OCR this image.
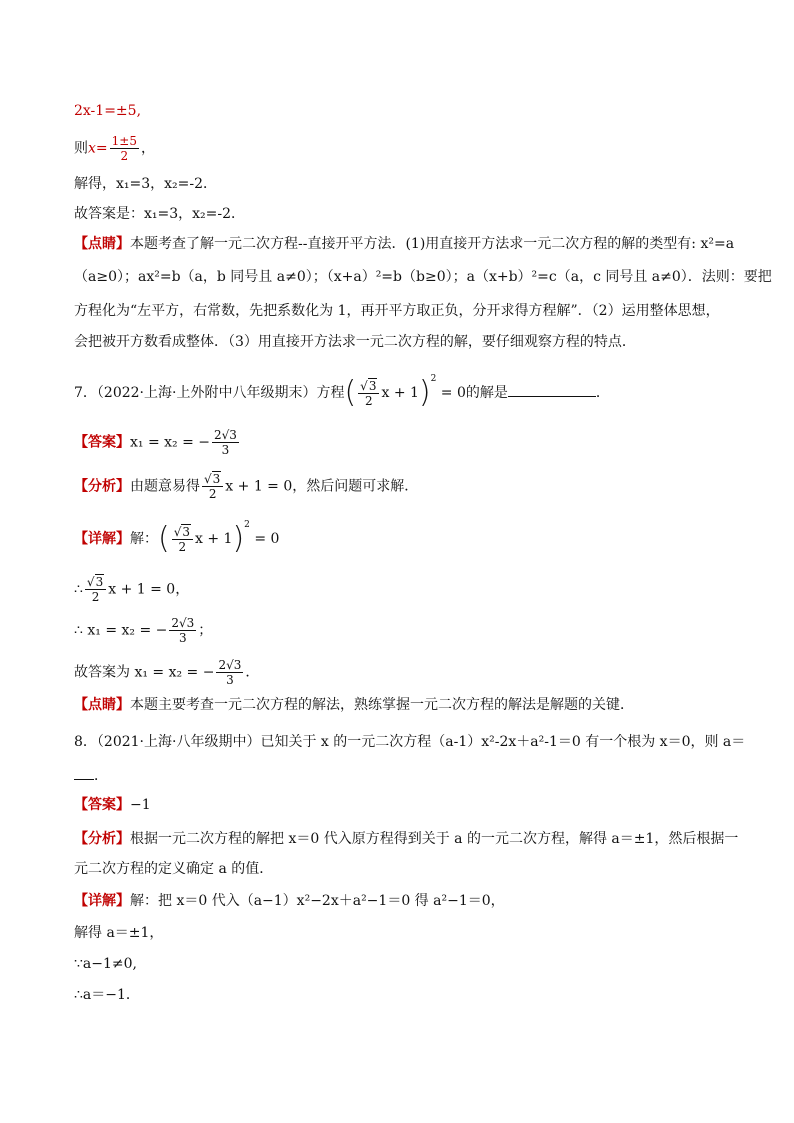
2x-1=±5,
则$x= \frac{1\pm 5}{2}$ ，
解得，x₁=3，x₂=-2．
故答案是：x₁=3，x₂=-2．
【点睛】本题考查了解一元二次方程--直接开平方法．(1)用直接开方法求一元二次方程的解的类型有: x²=a
（a≥0）；ax²=b（a，b 同号且 a≠0）；（x+a）²=b（b≥0）；a（x+b）²=c（a，c 同号且 a≠0）．法则：要把
方程化为“左平方，右常数，先把系数化为 1，再开平方取正负，分开求得方程解”．（2）运用整体思想，
会把被开方数看成整体．（3）用直接开方法求一元二次方程的解，要仔细观察方程的特点．
7．（2022·上海·上外附中八年级期末）方程( $\frac{√3}{2}$ x + 1)$^2$ = 0的解是	．
【答案】x₁ = x₂ = − $\frac{2√3}{3}$
【分析】由题意易得 $\frac{√3}{2}$ x + 1 = 0，然后问题可求解．
【详解】解：( $\frac{√3}{2}$ x + 1)$^2$ = 0
∴ $\frac{√3}{2}$ x + 1 = 0，
∴ x₁ = x₂ = − $\frac{2√3}{3}$ ；
故答案为 x₁ = x₂ = − $\frac{2√3}{3}$ ．
【点睛】本题主要考查一元二次方程的解法，熟练掌握一元二次方程的解法是解题的关键．
8．（2021·上海·八年级期中）已知关于 x 的一元二次方程（a-1）x²-2x＋a²-1＝0 有一个根为 x＝0，则 a＝
．
【答案】−1
【分析】根据一元二次方程的解把 x＝0 代入原方程得到关于 a 的一元二次方程，解得 a＝±1，然后根据一
元二次方程的定义确定 a 的值．
【详解】解：把 x＝0 代入（a−1）x²−2x＋a²−1＝0 得 a²−1＝0，
解得 a＝±1，
∵a−1≠0,
∴a＝−1．
